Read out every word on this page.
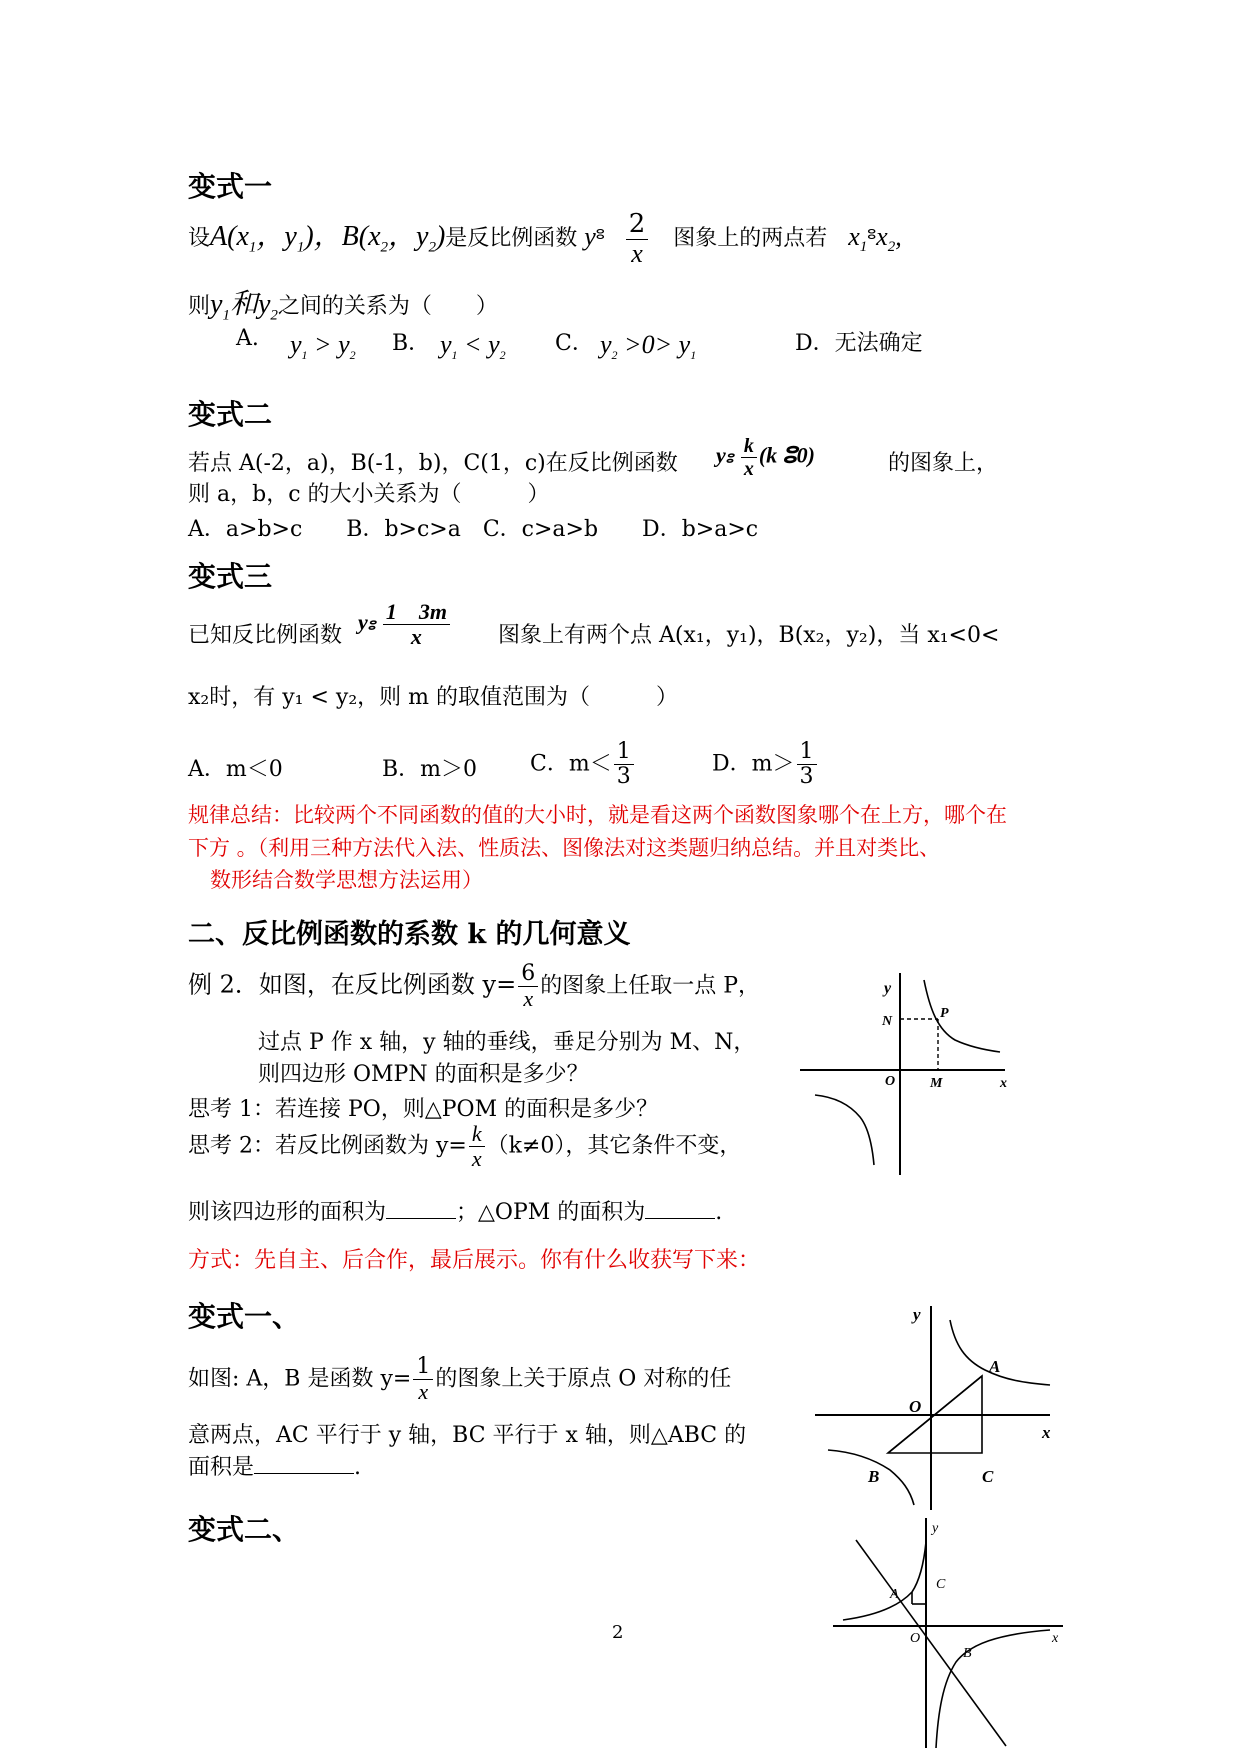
变式一
设$A(x_1$，$y_1$)，$B(x_2$，$y_2$)是反比例函数 $y^ⵓ \frac{2}{x}$ 图象上的两点若 $x_1^ⵓx_2$,
则$y_1$和$y_2$之间的关系为（　　）
A. $y_1 > y_2$ B． $y_1 < y_2$ C． $y_2 >0> y_1$	D．无法确定
变式二
若点 A(-2，a)，B(-1，b)，C(1，c)在反比例函数 yⵓ $\frac{k}{x} (k$ ⵓ0)	的图象上，
则 a，b，c 的大小关系为（　　　）
A．a>b>c　　B．b>c>a　C．c>a>b　　D．b>a>c
变式三
已知反比例函数
yⵓ $\frac{1 3m}{x}$ 图象上有两个点 A(x₁，y₁)，B(x₂，y₂)，当 x₁<0<
x₂时，有 y₁ < y₂，则 m 的取值范围为（　　　）
A．m＜0	B．m＞0 C．$m< \frac{1}{3}$	D．$m> \frac{1}{3}$
规律总结：比较两个不同函数的值的大小时，就是看这两个函数图象哪个在上方，哪个在
下方 。（利用三种方法代入法、性质法、图像法对这类题归纳总结。并且对类比、
数形结合数学思想方法运用）
二、反比例函数的系数 k 的几何意义
例 2．如图，在反比例函数 $y= \frac{6}{x}$ 的图象上任取一点 P，
过点 P 作 x 轴，y 轴的垂线，垂足分别为 M、N，
则四边形 OMPN 的面积是多少？
思考 1：若连接 PO，则△POM 的面积是多少？
思考 2：若反比例函数为 $y= \frac{k}{x} (k\ne 0)$，其它条件不变，
则该四边形的面积为	；△OPM 的面积为	.
方式：先自主、后合作，最后展示。你有什么收获写下来：
变式一、
如图: A，B 是函数 $y= \frac{1}{x}$ 的图象上关于原点 O 对称的任
意两点，AC 平行于 y 轴，BC 平行于 x 轴，则△ABC 的
面积是	.
变式二、
2
y
N
P
O M	x
y
A
O
x
B	C
y
C
A
O
B
x
